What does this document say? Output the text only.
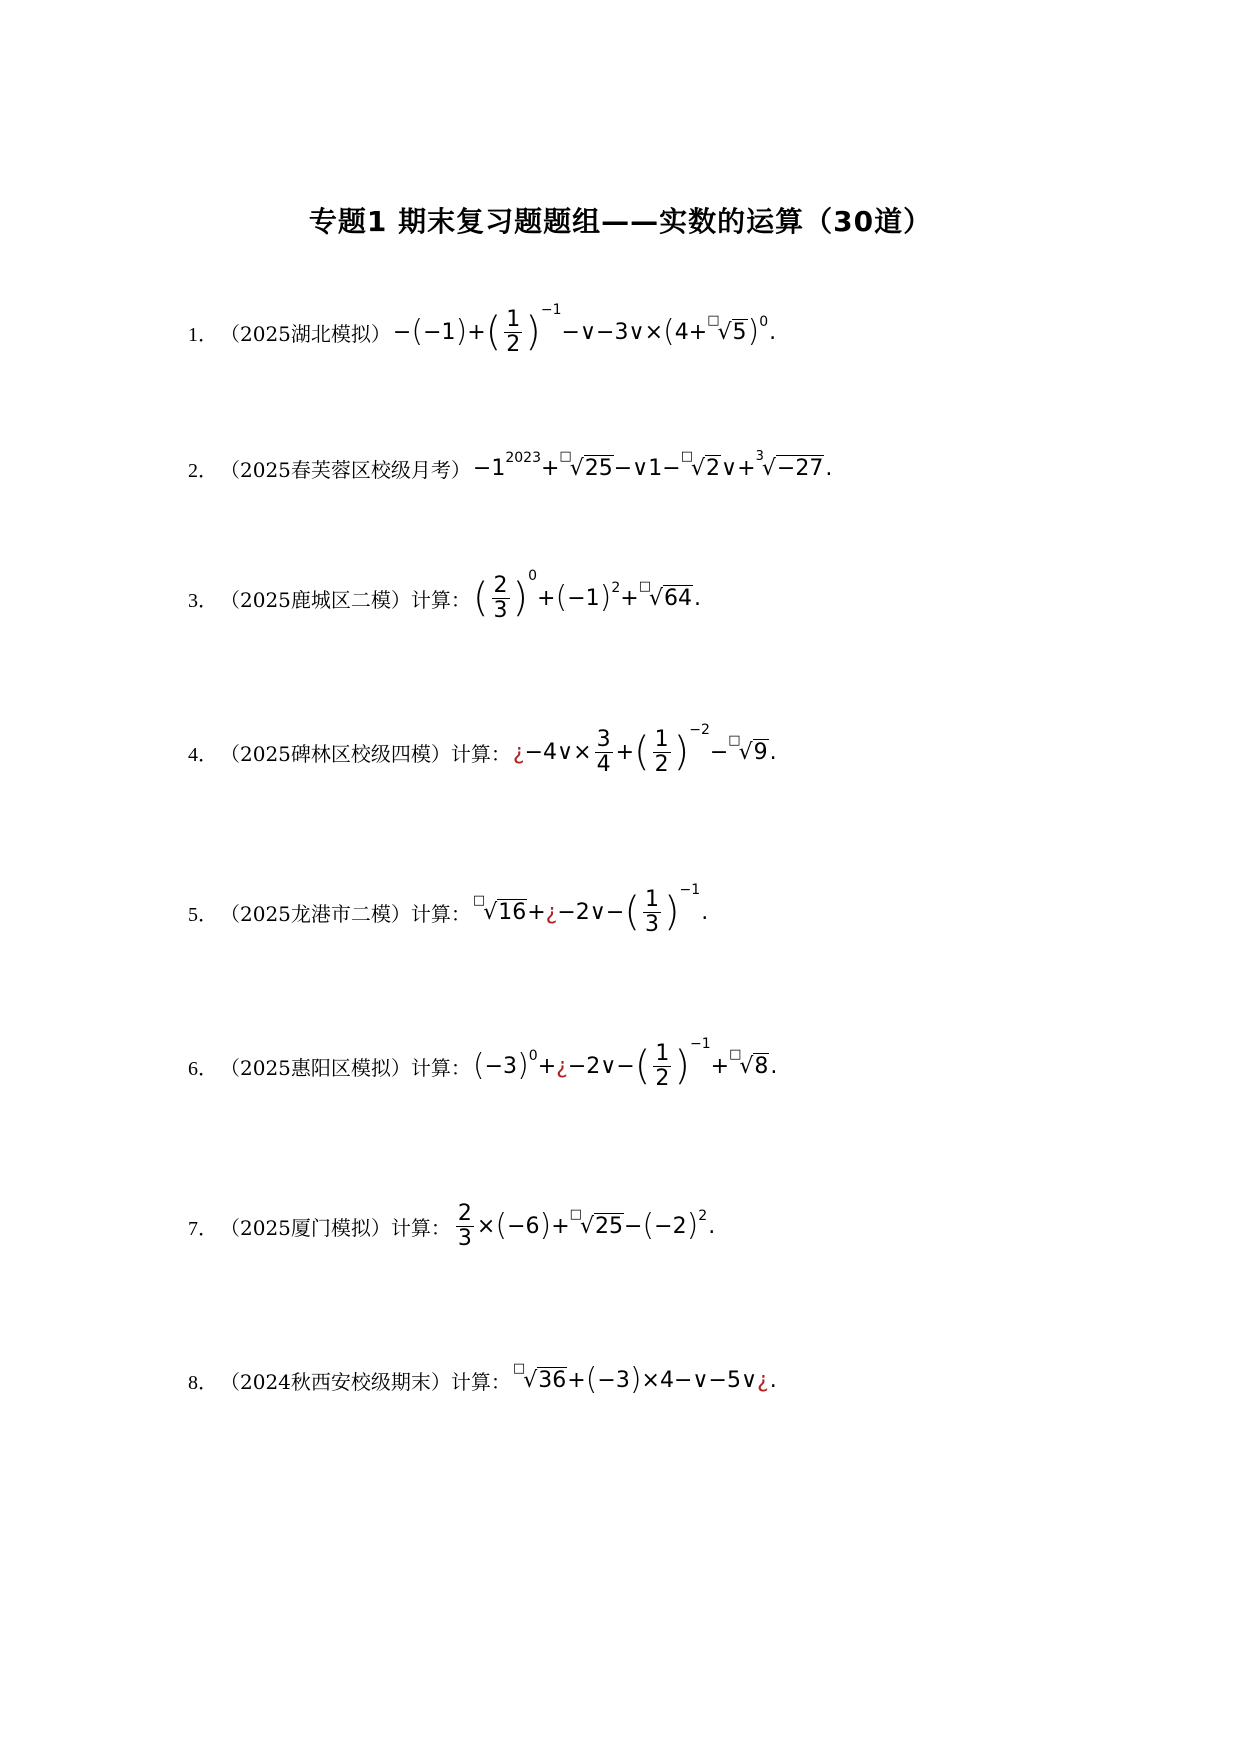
专题1 期末复习题题组——实数的运算（30道）
1． （2025湖北模拟） − ( −1 ) + ( $\frac{1}{2} )^{-1}$
−∨−3∨× ( 4+ □
√ 5 )$^0$ .
2． （2025春芙蓉区校级月考） $-1^{2023}$ + □
√ 25 −∨1− □
√ 2 ∨+ 3
√ −27 .
3． （2025鹿城区二模） 计算： ( $\frac{2}{3} )^0$
+ ( −1 )$^2$ + □
√ 64 .
4． （2025碑林区校级四模） 计算： ¿ −4∨× $\frac{3}{4}$ + ( $\frac{1}{2} )^{-2}$
− □
√ 9 .
5． （2025龙港市二模） 计算：
□
√ 16 + ¿ −2∨− ( $\frac{1}{3} )^{-1}$
.
6． （2025惠阳区模拟） 计算： ( −3 )$^0$ + ¿ −2∨− ( $\frac{1}{2} )^{-1}$
+ □
√ 8 .
7． （2025厦门模拟） 计算： $\frac{2}{3}$ × ( −6 ) + □
√ 25 − ( −2 )$^2$ .
8． （2024秋西安校级期末） 计算：
□
√ 36 + ( −3 ) ×4−∨−5∨ ¿ .
